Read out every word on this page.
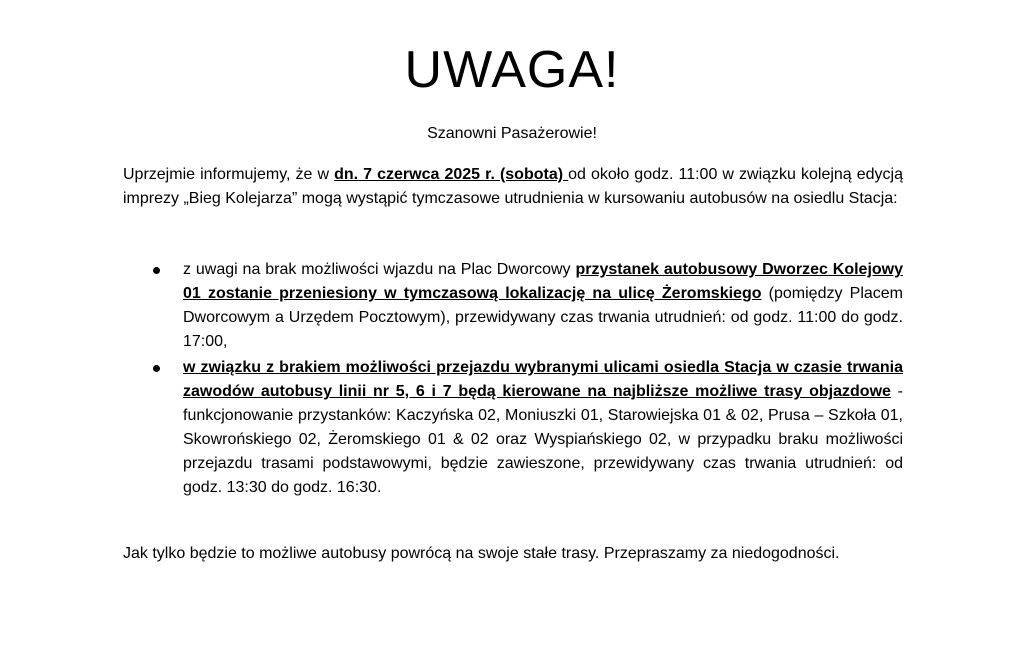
UWAGA!
Szanowni Pasażerowie!
Uprzejmie informujemy, że w dn. 7 czerwca 2025 r. (sobota) od około godz. 11:00 w związku kolejną edycją imprezy „Bieg Kolejarza” mogą wystąpić tymczasowe utrudnienia w kursowaniu autobusów na osiedlu Stacja:
z uwagi na brak możliwości wjazdu na Plac Dworcowy przystanek autobusowy Dworzec Kolejowy 01 zostanie przeniesiony w tymczasową lokalizację na ulicę Żeromskiego (pomiędzy Placem Dworcowym a Urzędem Pocztowym), przewidywany czas trwania utrudnień: od godz. 11:00 do godz. 17:00,
w związku z brakiem możliwości przejazdu wybranymi ulicami osiedla Stacja w czasie trwania zawodów autobusy linii nr 5, 6 i 7 będą kierowane na najbliższe możliwe trasy objazdowe - funkcjonowanie przystanków: Kaczyńska 02, Moniuszki 01, Starowiejska 01 & 02, Prusa – Szkoła 01, Skowrońskiego 02, Żeromskiego 01 & 02 oraz Wyspiańskiego 02, w przypadku braku możliwości przejazdu trasami podstawowymi, będzie zawieszone, przewidywany czas trwania utrudnień: od godz. 13:30 do godz. 16:30.
Jak tylko będzie to możliwe autobusy powrócą na swoje stałe trasy. Przepraszamy za niedogodności.
